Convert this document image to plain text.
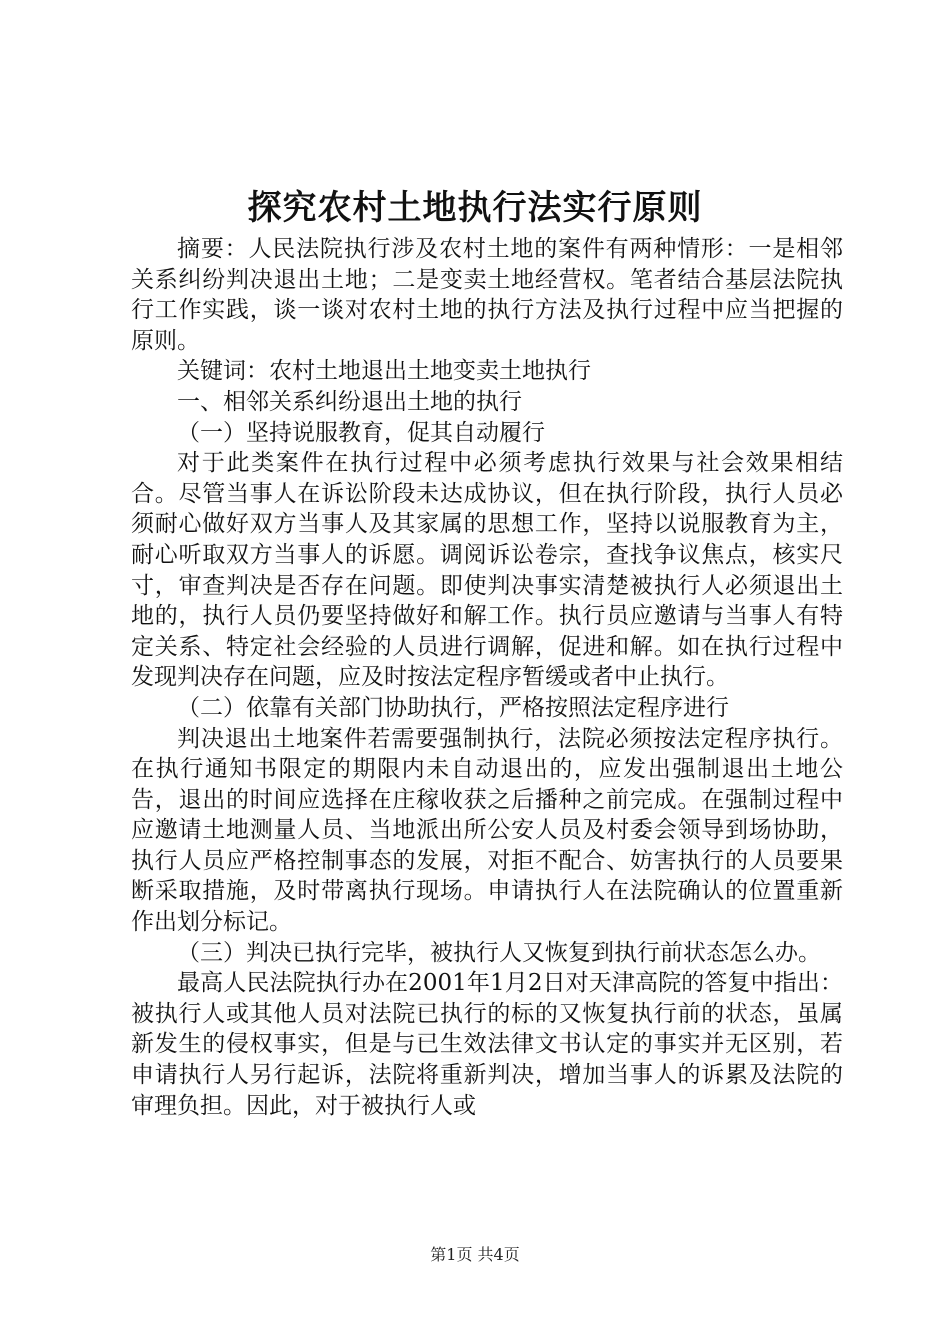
探究农村土地执行法实行原则

摘要：人民法院执行涉及农村土地的案件有两种情形：一是相邻关系纠纷判决退出土地；二是变卖土地经营权。笔者结合基层法院执行工作实践，谈一谈对农村土地的执行方法及执行过程中应当把握的原则。

关键词：农村土地退出土地变卖土地执行

一、相邻关系纠纷退出土地的执行

（一）坚持说服教育，促其自动履行

对于此类案件在执行过程中必须考虑执行效果与社会效果相结合。尽管当事人在诉讼阶段未达成协议，但在执行阶段，执行人员必须耐心做好双方当事人及其家属的思想工作，坚持以说服教育为主，耐心听取双方当事人的诉愿。调阅诉讼卷宗，查找争议焦点，核实尺寸，审查判决是否存在问题。即使判决事实清楚被执行人必须退出土地的，执行人员仍要坚持做好和解工作。执行员应邀请与当事人有特定关系、特定社会经验的人员进行调解，促进和解。如在执行过程中发现判决存在问题，应及时按法定程序暂缓或者中止执行。

（二）依靠有关部门协助执行，严格按照法定程序进行

判决退出土地案件若需要强制执行，法院必须按法定程序执行。在执行通知书限定的期限内未自动退出的，应发出强制退出土地公告，退出的时间应选择在庄稼收获之后播种之前完成。在强制过程中应邀请土地测量人员、当地派出所公安人员及村委会领导到场协助，执行人员应严格控制事态的发展，对拒不配合、妨害执行的人员要果断采取措施，及时带离执行现场。申请执行人在法院确认的位置重新作出划分标记。

（三）判决已执行完毕，被执行人又恢复到执行前状态怎么办。

最高人民法院执行办在2001年1月2日对天津高院的答复中指出：被执行人或其他人员对法院已执行的标的又恢复执行前的状态，虽属新发生的侵权事实，但是与已生效法律文书认定的事实并无区别，若申请执行人另行起诉，法院将重新判决，增加当事人的诉累及法院的审理负担。因此，对于被执行人或

第1页 共4页
